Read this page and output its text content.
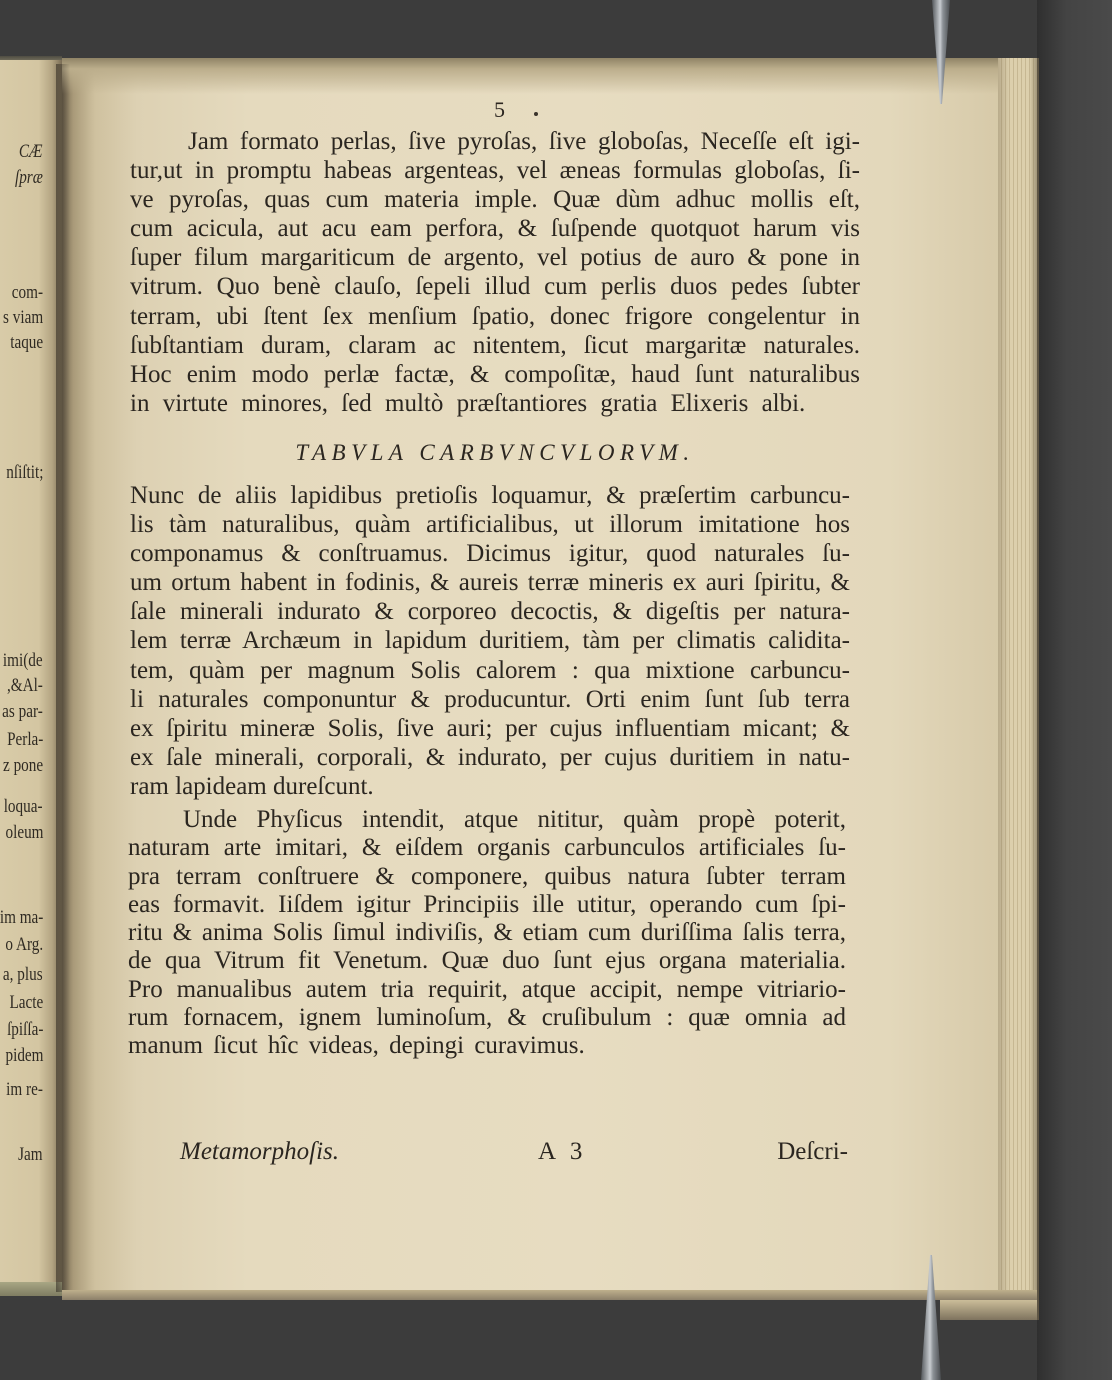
CÆ
ſpræ
com-
s viam
taque
nſiſtit;
imi(de
,&Al-
as par-
Perla-
z pone
loqua-
oleum
im ma-
o Arg.
a, plus
Lacte
ſpiſſa-
pidem
im re-
Jam
5
Jam formato perlas, ſive pyroſas, ſive globoſas, Neceſſe eſt igi-
tur,ut in promptu habeas argenteas, vel æneas formulas globoſas, ſi-
ve pyroſas, quas cum materia imple. Quæ dùm adhuc mollis eſt,
cum acicula, aut acu eam perfora, & ſuſpende quotquot harum vis
ſuper filum margariticum de argento, vel potius de auro & pone in
vitrum. Quo benè clauſo, ſepeli illud cum perlis duos pedes ſubter
terram, ubi ſtent ſex menſium ſpatio, donec frigore congelentur in
ſubſtantiam duram, claram ac nitentem, ſicut margaritæ naturales.
Hoc enim modo perlæ factæ, & compoſitæ, haud ſunt naturalibus
in virtute minores, ſed multò præſtantiores gratia Elixeris albi.
TABVLA CARBVNCVLORVM.
Nunc de aliis lapidibus pretioſis loquamur, & præſertim carbuncu-
lis tàm naturalibus, quàm artificialibus, ut illorum imitatione hos
componamus & conſtruamus. Dicimus igitur, quod naturales ſu-
um ortum habent in fodinis, & aureis terræ mineris ex auri ſpiritu, &
ſale minerali indurato & corporeo decoctis, & digeſtis per natura-
lem terræ Archæum in lapidum duritiem, tàm per climatis calidita-
tem, quàm per magnum Solis calorem : qua mixtione carbuncu-
li naturales componuntur & producuntur. Orti enim ſunt ſub terra
ex ſpiritu mineræ Solis, ſive auri; per cujus influentiam micant; &
ex ſale minerali, corporali, & indurato, per cujus duritiem in natu-
ram lapideam dureſcunt.
Unde Phyſicus intendit, atque nititur, quàm propè poterit,
naturam arte imitari, & eiſdem organis carbunculos artificiales ſu-
pra terram conſtruere & componere, quibus natura ſubter terram
eas formavit. Iiſdem igitur Principiis ille utitur, operando cum ſpi-
ritu & anima Solis ſimul indiviſis, & etiam cum duriſſima ſalis terra,
de qua Vitrum fit Venetum. Quæ duo ſunt ejus organa materialia.
Pro manualibus autem tria requirit, atque accipit, nempe vitriario-
rum fornacem, ignem luminoſum, & cruſibulum : quæ omnia ad
manum ſicut hîc videas, depingi curavimus.
Metamorphoſis.	A 3	Deſcri-
